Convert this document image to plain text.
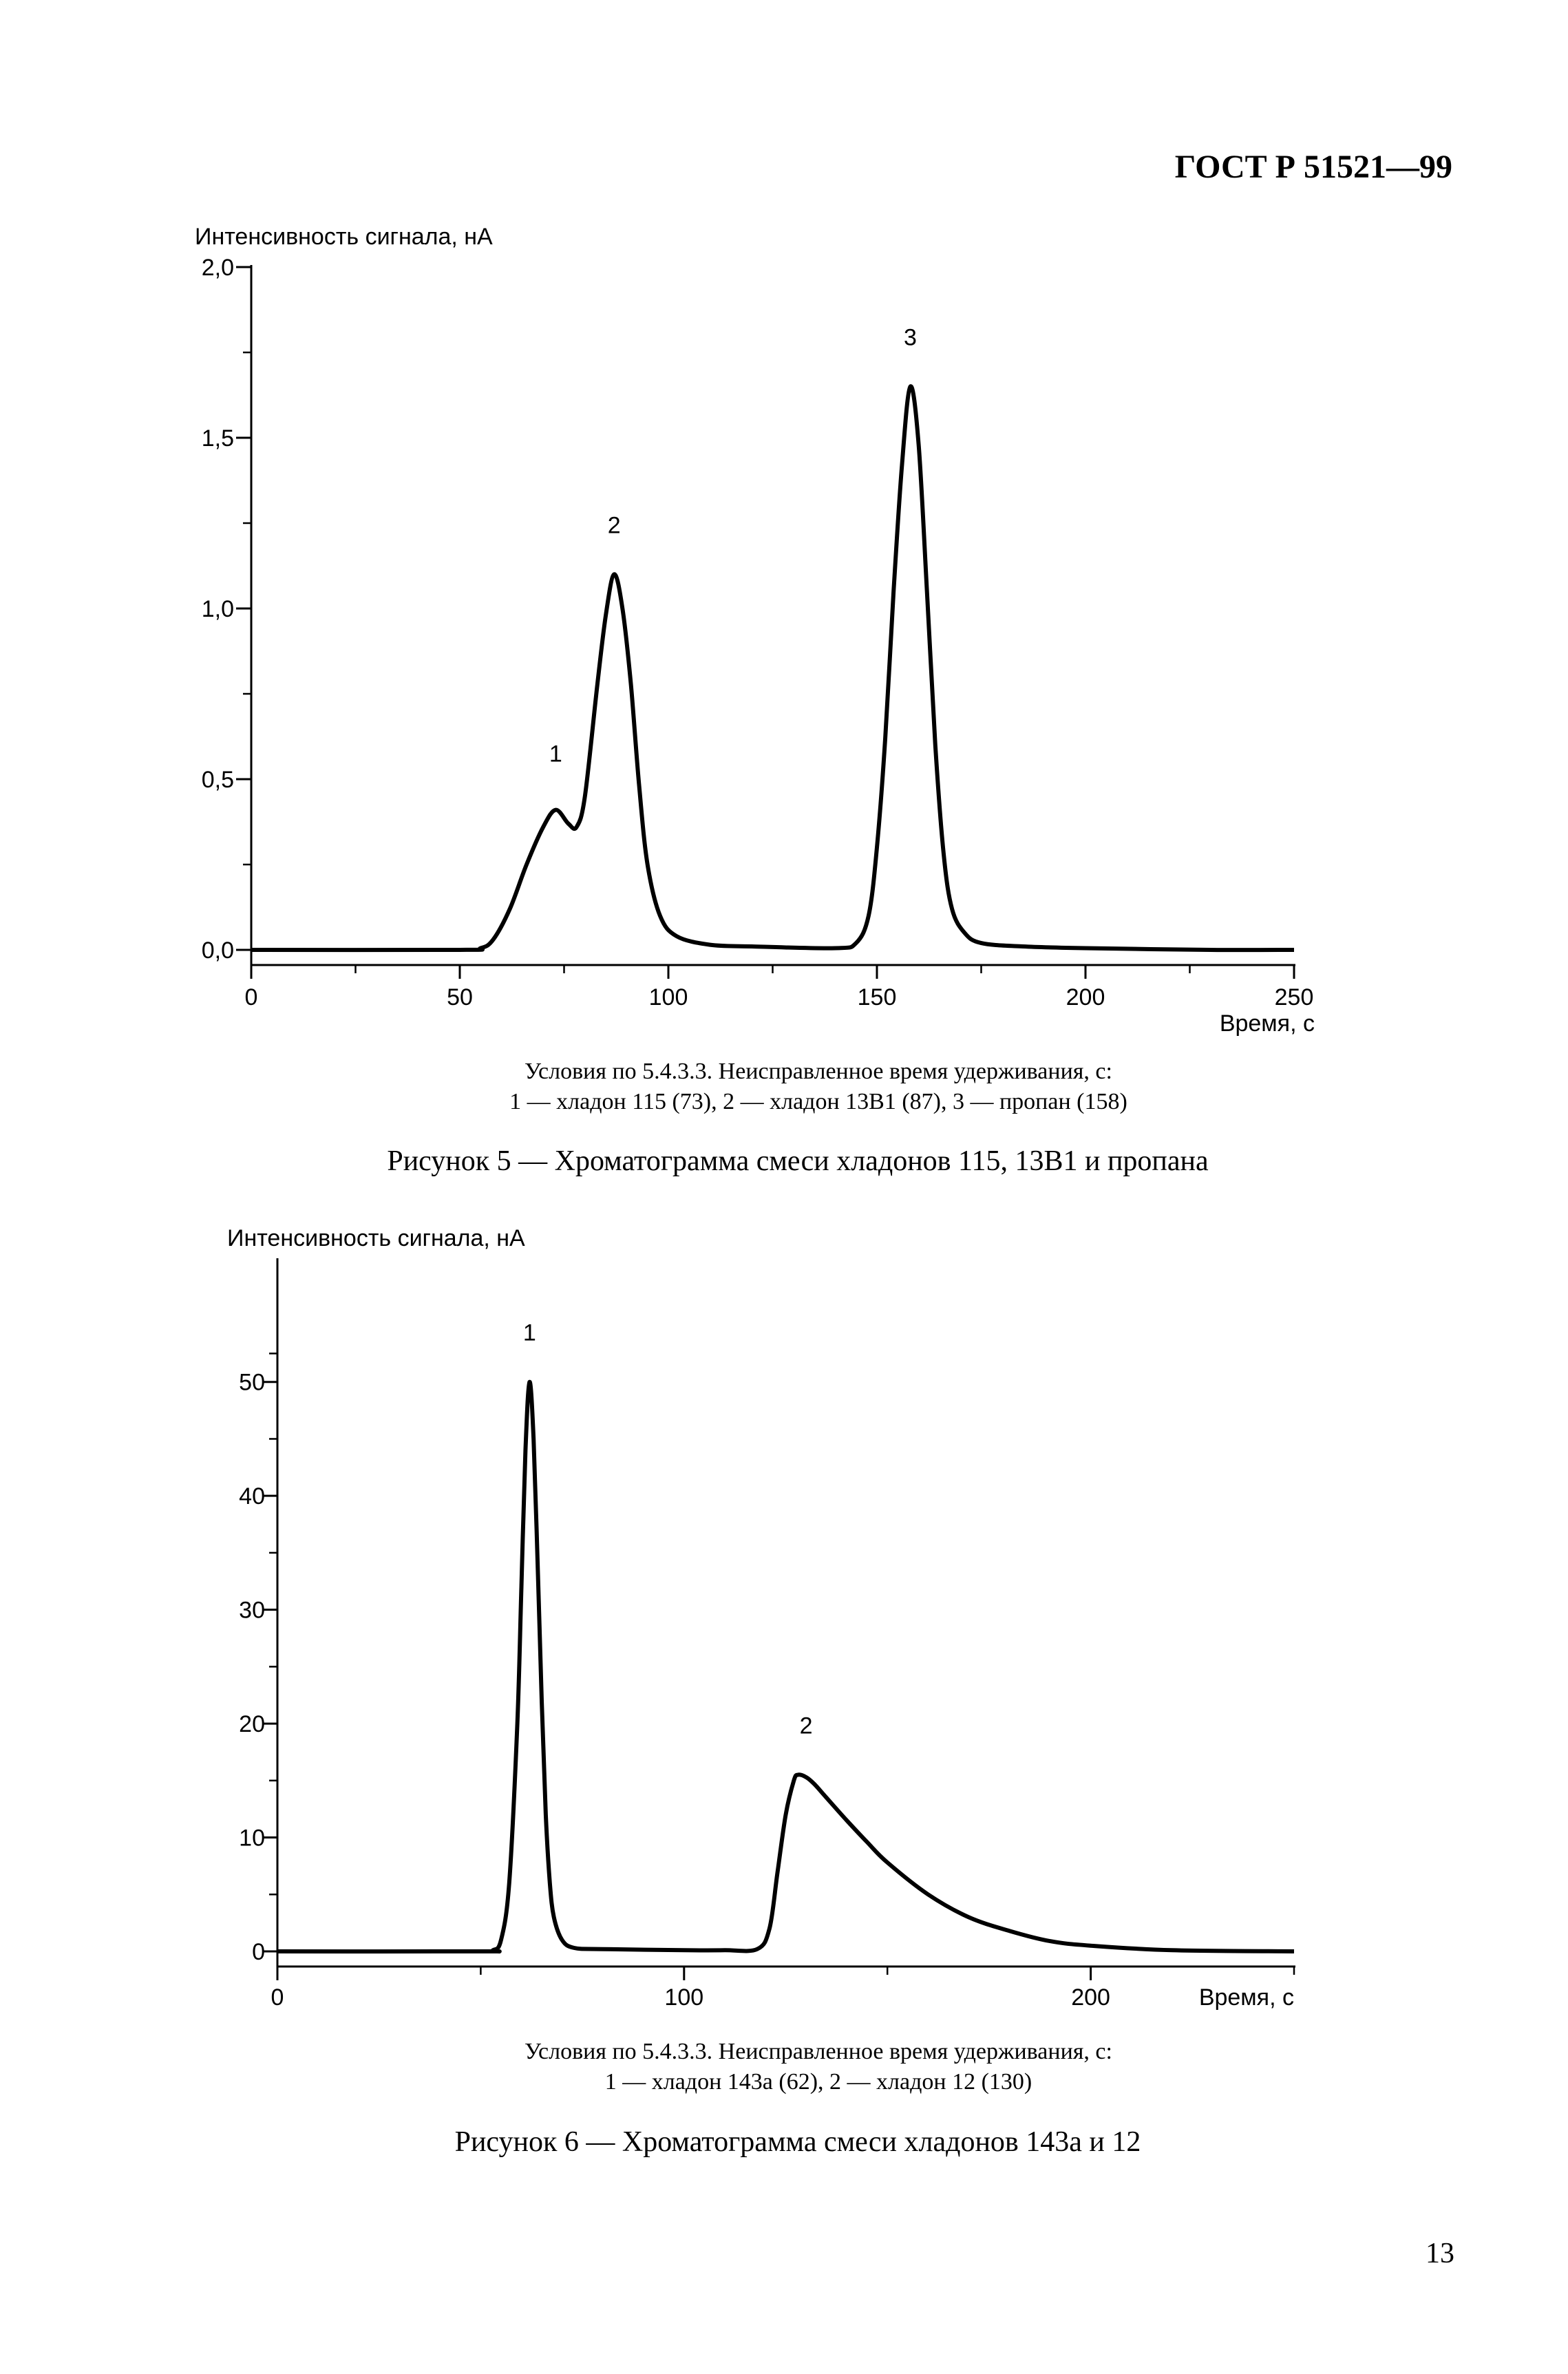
ГОСТ Р 51521—99
Интенсивность сигнала, нА
0,0
0,5
1,0
1,5
2,0
0	50	100	150	200	250
Время, с
1
2
3
Условия по 5.4.3.3. Неисправленное время удерживания, с:
1 — хладон 115 (73), 2 — хладон 13В1 (87), 3 — пропан (158)
Рисунок 5 — Хроматограмма смеси хладонов 115, 13В1 и пропана
Интенсивность сигнала, нА
0
10
20
30
40
50
0	100	200	Время, с
1
2
Условия по 5.4.3.3. Неисправленное время удерживания, с:
1 — хладон 143а (62), 2 — хладон 12 (130)
Рисунок 6 — Хроматограмма смеси хладонов 143а и 12
13
